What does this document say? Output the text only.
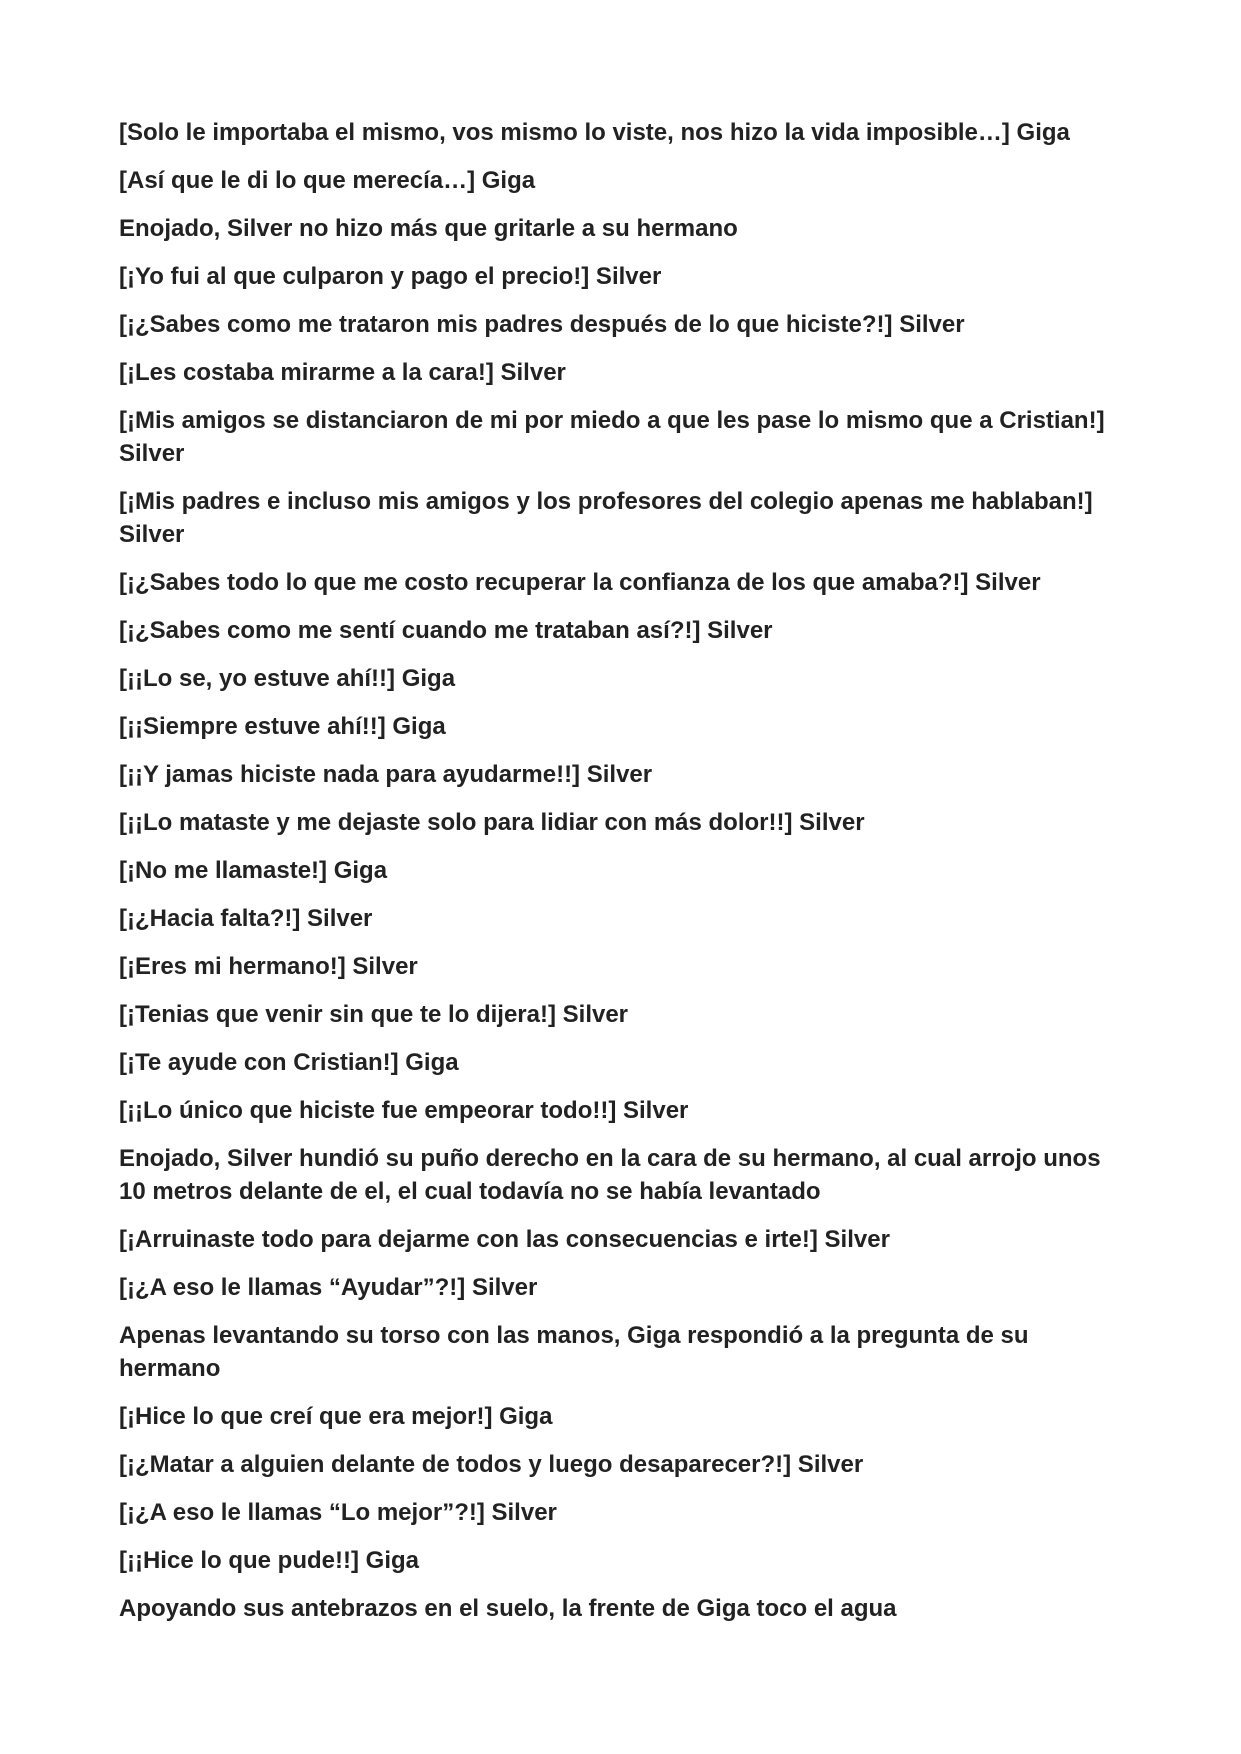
[Solo le importaba el mismo, vos mismo lo viste, nos hizo la vida imposible…] Giga

[Así que le di lo que merecía…] Giga

Enojado, Silver no hizo más que gritarle a su hermano

[¡Yo fui al que culparon y pago el precio!] Silver

[¡¿Sabes como me trataron mis padres después de lo que hiciste?!] Silver

[¡Les costaba mirarme a la cara!] Silver

[¡Mis amigos se distanciaron de mi por miedo a que les pase lo mismo que a Cristian!] Silver

[¡Mis padres e incluso mis amigos y los profesores del colegio apenas me hablaban!] Silver

[¡¿Sabes todo lo que me costo recuperar la confianza de los que amaba?!] Silver

[¡¿Sabes como me sentí cuando me trataban así?!] Silver

[¡¡Lo se, yo estuve ahí!!] Giga

[¡¡Siempre estuve ahí!!] Giga

[¡¡Y jamas hiciste nada para ayudarme!!] Silver

[¡¡Lo mataste y me dejaste solo para lidiar con más dolor!!] Silver

[¡No me llamaste!] Giga

[¡¿Hacia falta?!] Silver

[¡Eres mi hermano!] Silver

[¡Tenias que venir sin que te lo dijera!] Silver

[¡Te ayude con Cristian!] Giga

[¡¡Lo único que hiciste fue empeorar todo!!] Silver

Enojado, Silver hundió su puño derecho en la cara de su hermano, al cual arrojo unos 10 metros delante de el, el cual todavía no se había levantado

[¡Arruinaste todo para dejarme con las consecuencias e irte!] Silver

[¡¿A eso le llamas “Ayudar”?!] Silver

Apenas levantando su torso con las manos, Giga respondió a la pregunta de su hermano

[¡Hice lo que creí que era mejor!] Giga

[¡¿Matar a alguien delante de todos y luego desaparecer?!] Silver

[¡¿A eso le llamas “Lo mejor”?!] Silver

[¡¡Hice lo que pude!!] Giga

Apoyando sus antebrazos en el suelo, la frente de Giga toco el agua
